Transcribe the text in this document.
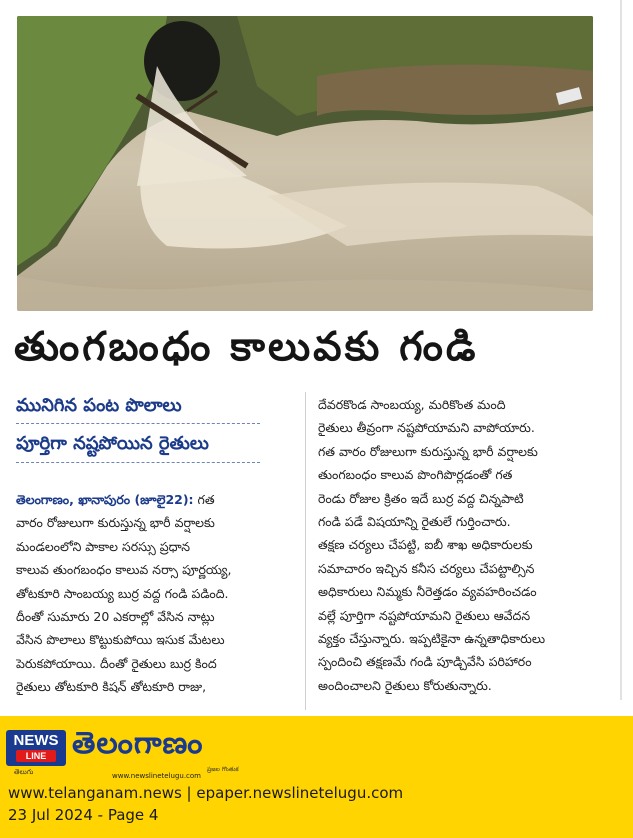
తుంగబంధం కాలువకు గండి
మునిగిన పంట పొలాలు
పూర్తిగా నష్టపోయిన రైతులు
తెలంగాణం, ఖానాపురం (జూలై22): గత
వారం రోజులుగా కురుస్తున్న భారీ వర్షాలకు
మండలంలోని పాకాల సరస్సు ప్రధాన
కాలువ తుంగబంధం కాలువ నర్సా పూర్ణయ్య,
తోటకూరి సాంబయ్య బుర్ర వద్ద గండి పడింది.
దీంతో సుమారు 20 ఎకరాల్లో వేసిన నాట్లు
వేసిన పొలాలు కొట్టుకుపోయి ఇసుక మేటలు
పెరుకపోయాయి. దీంతో రైతులు బుర్ర కింద
రైతులు తోటకూరి కిషన్ తోటకూరి రాజు,
దేవరకొండ సాంబయ్య, మరికొంత మంది
రైతులు తీవ్రంగా నష్టపోయామని వాపోయారు.
గత వారం రోజులుగా కురుస్తున్న భారీ వర్షాలకు
తుంగబంధం కాలువ పొంగిపొర్లడంతో గత
రెండు రోజుల క్రితం ఇదే బుర్ర వద్ద చిన్నపాటి
గండి పడే విషయాన్ని రైతులే గుర్తించారు.
తక్షణ చర్యలు చేపట్టి, ఐబీ శాఖ అధికారులకు
సమాచారం ఇచ్చిన కనీస చర్యలు చేపట్టాల్సిన
అధికారులు నిమ్మకు నీరెత్తడం వ్యవహరించడం
వల్లే పూర్తిగా నష్టపోయామని రైతులు ఆవేదన
వ్యక్తం చేస్తున్నారు. ఇప్పటికైనా ఉన్నతాధికారులు
స్పందించి తక్షణమే గండి పూడ్చివేసి పరిహారం
అందించాలని రైతులు కోరుతున్నారు.
NEWS
LINE
తెలుగు
తెలంగాణం
ప్రజల గొంతుక
www.newslinetelugu.com
www.telanganam.news | epaper.newslinetelugu.com
23 Jul 2024 - Page 4
